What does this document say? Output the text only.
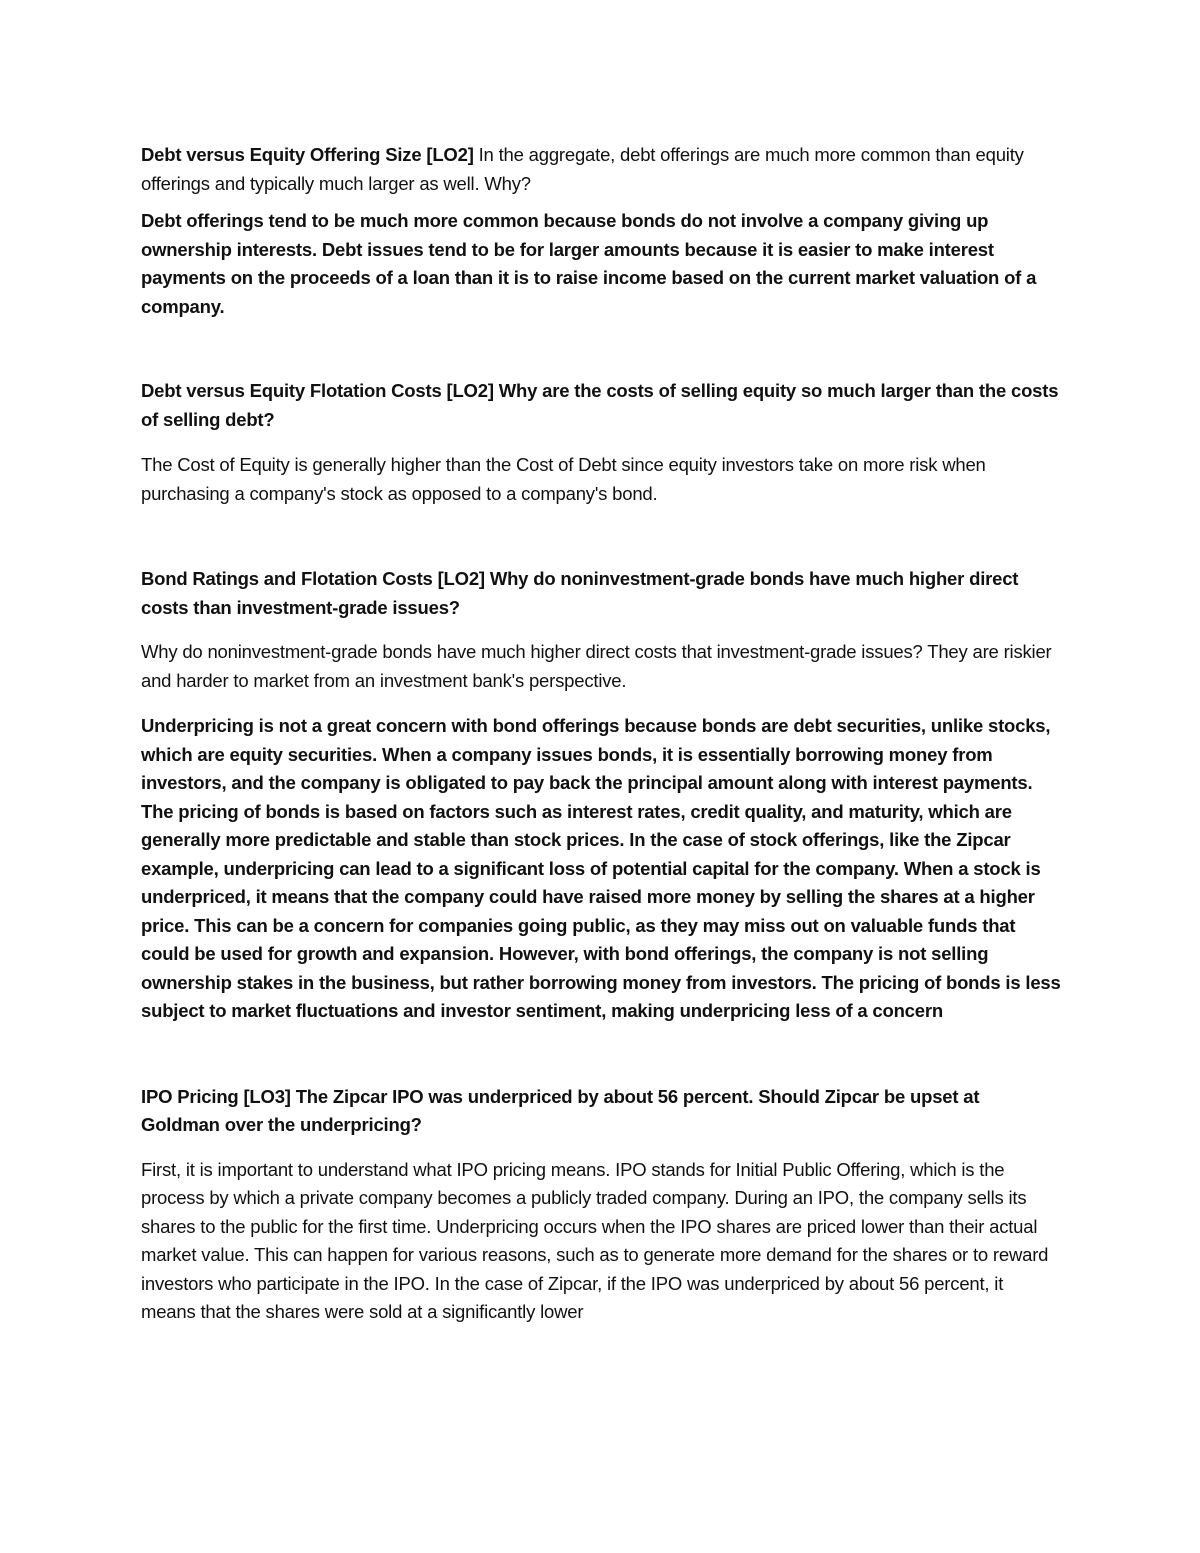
Debt versus Equity Offering Size [LO2] In the aggregate, debt offerings are much more common than equity offerings and typically much larger as well. Why?

Debt offerings tend to be much more common because bonds do not involve a company giving up ownership interests. Debt issues tend to be for larger amounts because it is easier to make interest payments on the proceeds of a loan than it is to raise income based on the current market valuation of a company.

Debt versus Equity Flotation Costs [LO2] Why are the costs of selling equity so much larger than the costs of selling debt?

The Cost of Equity is generally higher than the Cost of Debt since equity investors take on more risk when purchasing a company's stock as opposed to a company's bond.

Bond Ratings and Flotation Costs [LO2] Why do noninvestment-grade bonds have much higher direct costs than investment-grade issues?

Why do noninvestment-grade bonds have much higher direct costs that investment-grade issues? They are riskier and harder to market from an investment bank's perspective.

Underpricing is not a great concern with bond offerings because bonds are debt securities, unlike stocks, which are equity securities. When a company issues bonds, it is essentially borrowing money from investors, and the company is obligated to pay back the principal amount along with interest payments. The pricing of bonds is based on factors such as interest rates, credit quality, and maturity, which are generally more predictable and stable than stock prices. In the case of stock offerings, like the Zipcar example, underpricing can lead to a significant loss of potential capital for the company. When a stock is underpriced, it means that the company could have raised more money by selling the shares at a higher price. This can be a concern for companies going public, as they may miss out on valuable funds that could be used for growth and expansion. However, with bond offerings, the company is not selling ownership stakes in the business, but rather borrowing money from investors. The pricing of bonds is less subject to market fluctuations and investor sentiment, making underpricing less of a concern

IPO Pricing [LO3] The Zipcar IPO was underpriced by about 56 percent. Should Zipcar be upset at Goldman over the underpricing?

First, it is important to understand what IPO pricing means. IPO stands for Initial Public Offering, which is the process by which a private company becomes a publicly traded company. During an IPO, the company sells its shares to the public for the first time. Underpricing occurs when the IPO shares are priced lower than their actual market value. This can happen for various reasons, such as to generate more demand for the shares or to reward investors who participate in the IPO. In the case of Zipcar, if the IPO was underpriced by about 56 percent, it means that the shares were sold at a significantly lower
